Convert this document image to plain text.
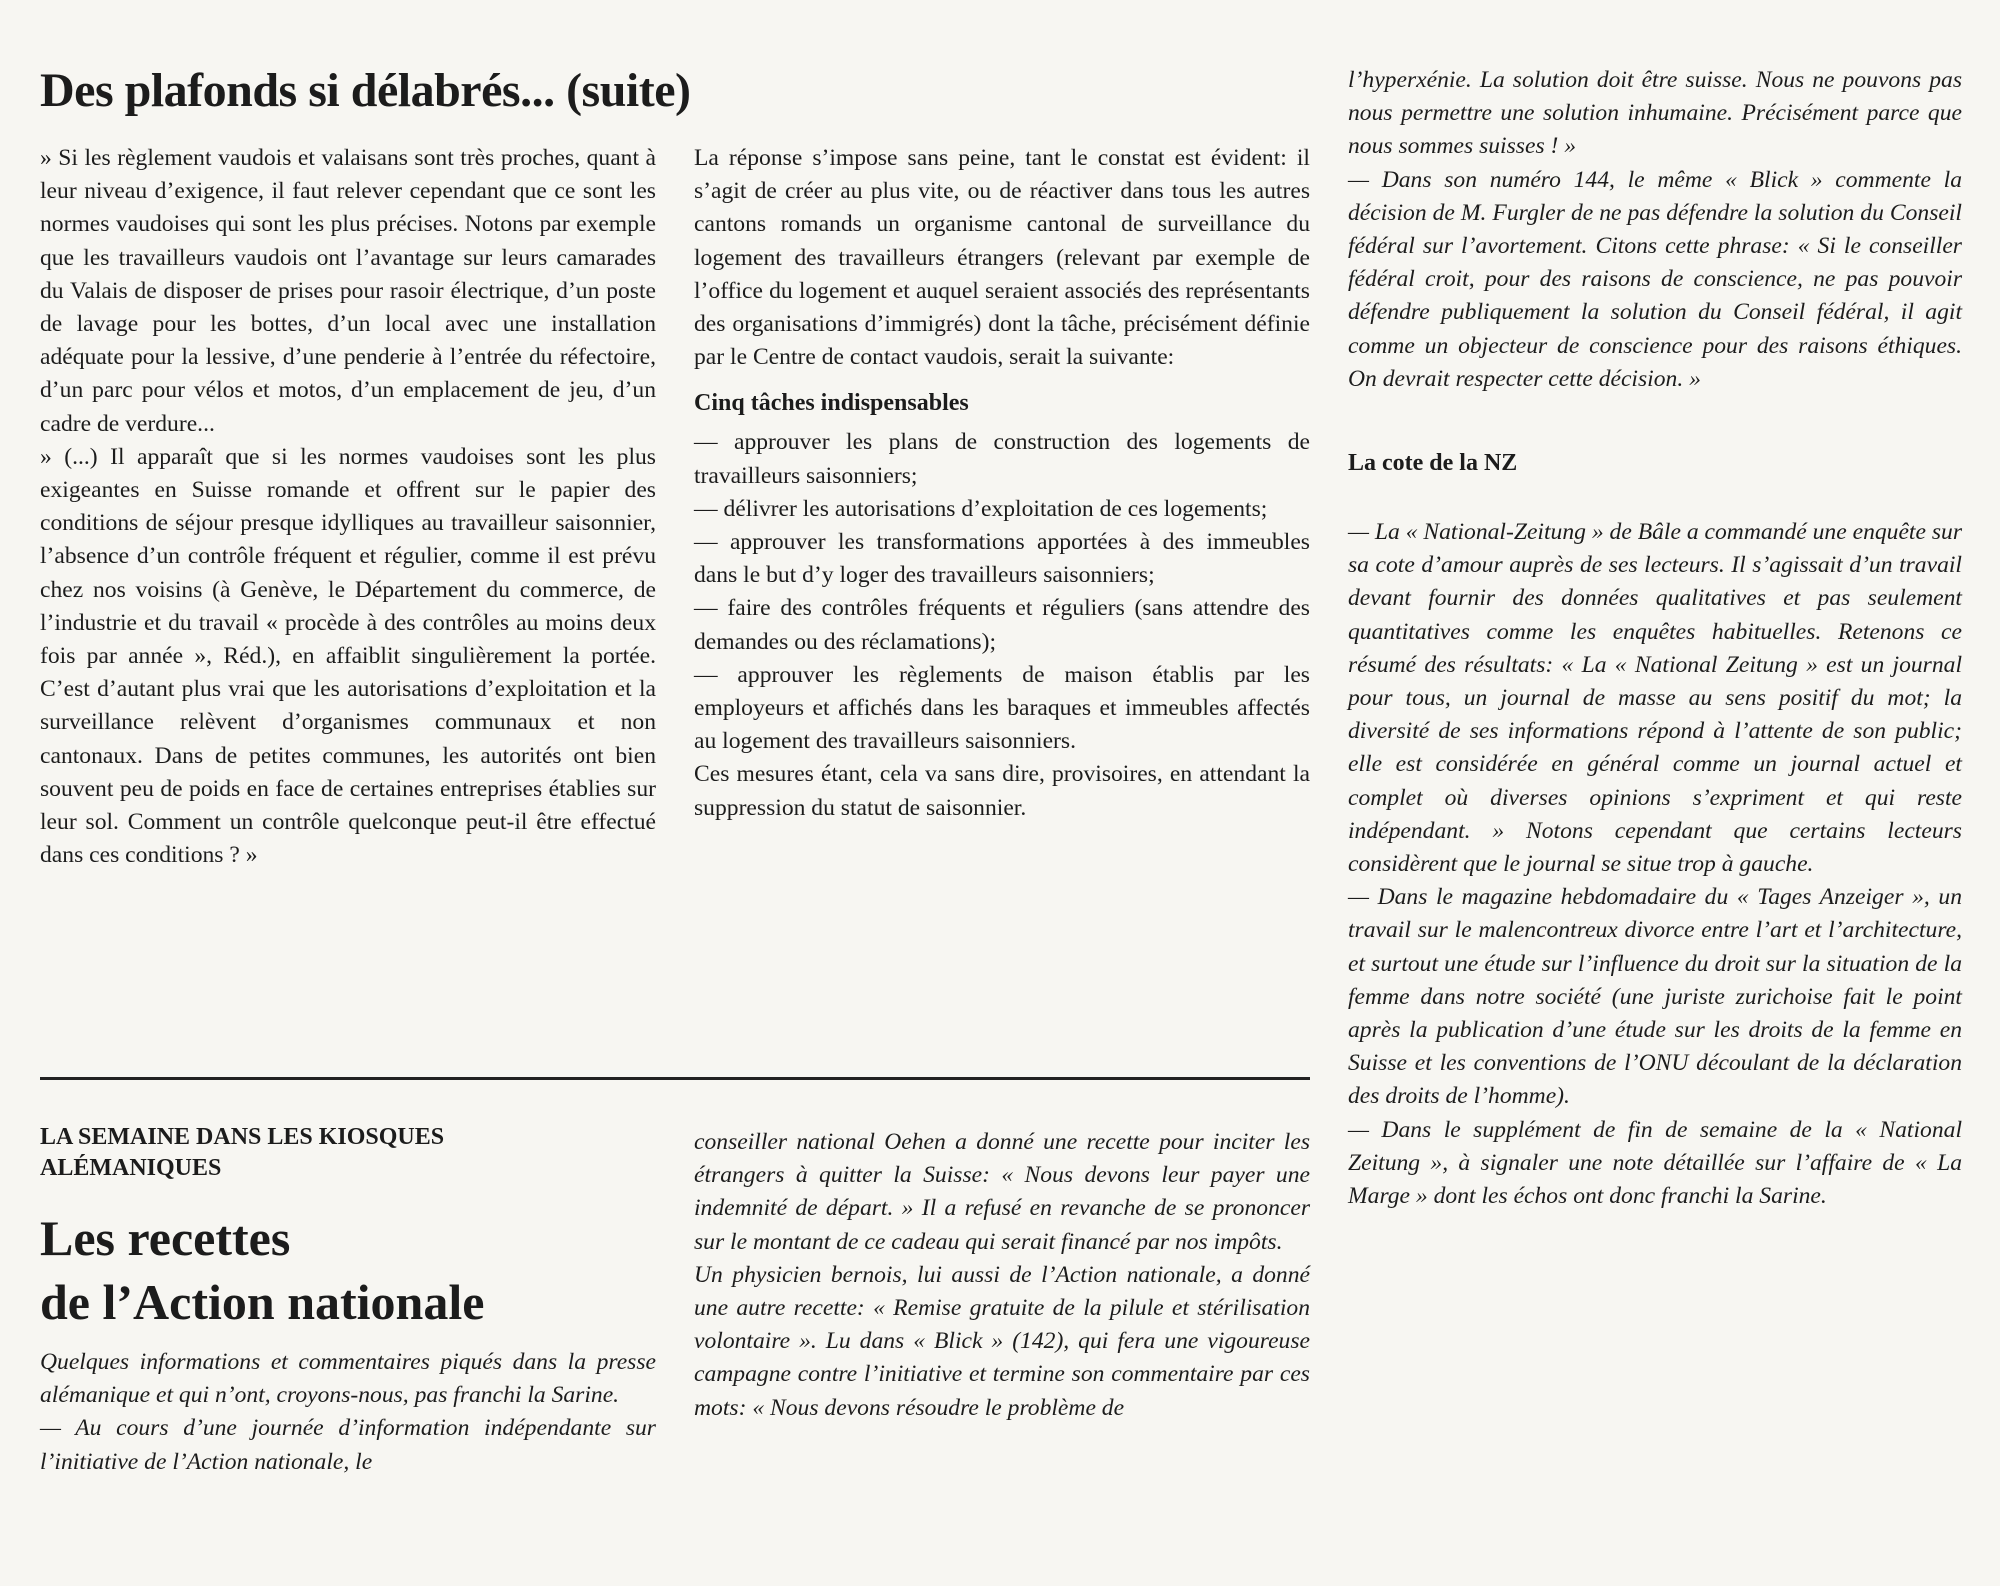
Des plafonds si délabrés... (suite)

» Si les règlement vaudois et valaisans sont très proches, quant à leur niveau d’exigence, il faut relever cependant que ce sont les normes vaudoises qui sont les plus précises. Notons par exemple que les travailleurs vaudois ont l’avantage sur leurs camarades du Valais de disposer de prises pour rasoir électrique, d’un poste de lavage pour les bottes, d’un local avec une installation adéquate pour la lessive, d’une penderie à l’entrée du réfectoire, d’un parc pour vélos et motos, d’un emplacement de jeu, d’un cadre de verdure...

» (...) Il apparaît que si les normes vaudoises sont les plus exigeantes en Suisse romande et offrent sur le papier des conditions de séjour presque idylliques au travailleur saisonnier, l’absence d’un contrôle fréquent et régulier, comme il est prévu chez nos voisins (à Genève, le Département du commerce, de l’industrie et du travail « procède à des contrôles au moins deux fois par année », Réd.), en affaiblit singulièrement la portée. C’est d’autant plus vrai que les autorisations d’exploitation et la surveillance relèvent d’organismes communaux et non cantonaux. Dans de petites communes, les autorités ont bien souvent peu de poids en face de certaines entreprises établies sur leur sol. Comment un contrôle quelconque peut-il être effectué dans ces conditions ? »

La réponse s’impose sans peine, tant le constat est évident: il s’agit de créer au plus vite, ou de réactiver dans tous les autres cantons romands un organisme cantonal de surveillance du logement des travailleurs étrangers (relevant par exemple de l’office du logement et auquel seraient associés des représentants des organisations d’immigrés) dont la tâche, précisément définie par le Centre de contact vaudois, serait la suivante:

Cinq tâches indispensables

— approuver les plans de construction des logements de travailleurs saisonniers;

— délivrer les autorisations d’exploitation de ces logements;

— approuver les transformations apportées à des immeubles dans le but d’y loger des travailleurs saisonniers;

— faire des contrôles fréquents et réguliers (sans attendre des demandes ou des réclamations);

— approuver les règlements de maison établis par les employeurs et affichés dans les baraques et immeubles affectés au logement des travailleurs saisonniers.

Ces mesures étant, cela va sans dire, provisoires, en attendant la suppression du statut de saisonnier.

LA SEMAINE DANS LES KIOSQUES ALÉMANIQUES
Les recettes
de l’Action nationale

Quelques informations et commentaires piqués dans la presse alémanique et qui n’ont, croyons-nous, pas franchi la Sarine.

— Au cours d’une journée d’information indépendante sur l’initiative de l’Action nationale, le

conseiller national Oehen a donné une recette pour inciter les étrangers à quitter la Suisse: « Nous devons leur payer une indemnité de départ. » Il a refusé en revanche de se prononcer sur le montant de ce cadeau qui serait financé par nos impôts.

Un physicien bernois, lui aussi de l’Action nationale, a donné une autre recette: « Remise gratuite de la pilule et stérilisation volontaire ». Lu dans « Blick » (142), qui fera une vigoureuse campagne contre l’initiative et termine son commentaire par ces mots: « Nous devons résoudre le problème de

l’hyperxénie. La solution doit être suisse. Nous ne pouvons pas nous permettre une solution inhumaine. Précisément parce que nous sommes suisses ! »

— Dans son numéro 144, le même « Blick » commente la décision de M. Furgler de ne pas défendre la solution du Conseil fédéral sur l’avortement. Citons cette phrase: « Si le conseiller fédéral croit, pour des raisons de conscience, ne pas pouvoir défendre publiquement la solution du Conseil fédéral, il agit comme un objecteur de conscience pour des raisons éthiques. On devrait respecter cette décision. »

La cote de la NZ

— La « National-Zeitung » de Bâle a commandé une enquête sur sa cote d’amour auprès de ses lecteurs. Il s’agissait d’un travail devant fournir des données qualitatives et pas seulement quantitatives comme les enquêtes habituelles. Retenons ce résumé des résultats: « La « National Zeitung » est un journal pour tous, un journal de masse au sens positif du mot; la diversité de ses informations répond à l’attente de son public; elle est considérée en général comme un journal actuel et complet où diverses opinions s’expriment et qui reste indépendant. » Notons cependant que certains lecteurs considèrent que le journal se situe trop à gauche.

— Dans le magazine hebdomadaire du « Tages Anzeiger », un travail sur le malencontreux divorce entre l’art et l’architecture, et surtout une étude sur l’influence du droit sur la situation de la femme dans notre société (une juriste zurichoise fait le point après la publication d’une étude sur les droits de la femme en Suisse et les conventions de l’ONU découlant de la déclaration des droits de l’homme).

— Dans le supplément de fin de semaine de la « National Zeitung », à signaler une note détaillée sur l’affaire de « La Marge » dont les échos ont donc franchi la Sarine.
